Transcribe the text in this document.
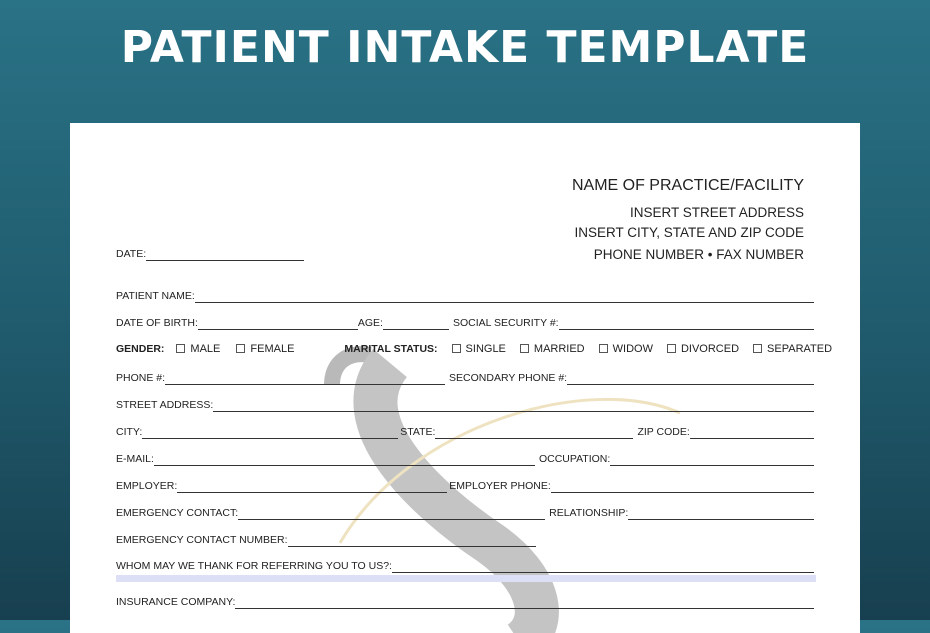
PATIENT INTAKE TEMPLATE
NAME OF PRACTICE/FACILITY
INSERT STREET ADDRESS
INSERT CITY, STATE AND ZIP CODE
PHONE NUMBER • FAX NUMBER
DATE:
PATIENT NAME:
DATE OF BIRTH:	AGE:	SOCIAL SECURITY #:
GENDER: MALE	FEMALE	MARITAL STATUS:	SINGLE	MARRIED	WIDOW	DIVORCED	SEPARATED
PHONE #:	SECONDARY PHONE #:
STREET ADDRESS:
CITY:	STATE:	ZIP CODE:
E-MAIL:	OCCUPATION:
EMPLOYER:	EMPLOYER PHONE:
EMERGENCY CONTACT:	RELATIONSHIP:
EMERGENCY CONTACT NUMBER:
WHOM MAY WE THANK FOR REFERRING YOU TO US?:
INSURANCE COMPANY:
